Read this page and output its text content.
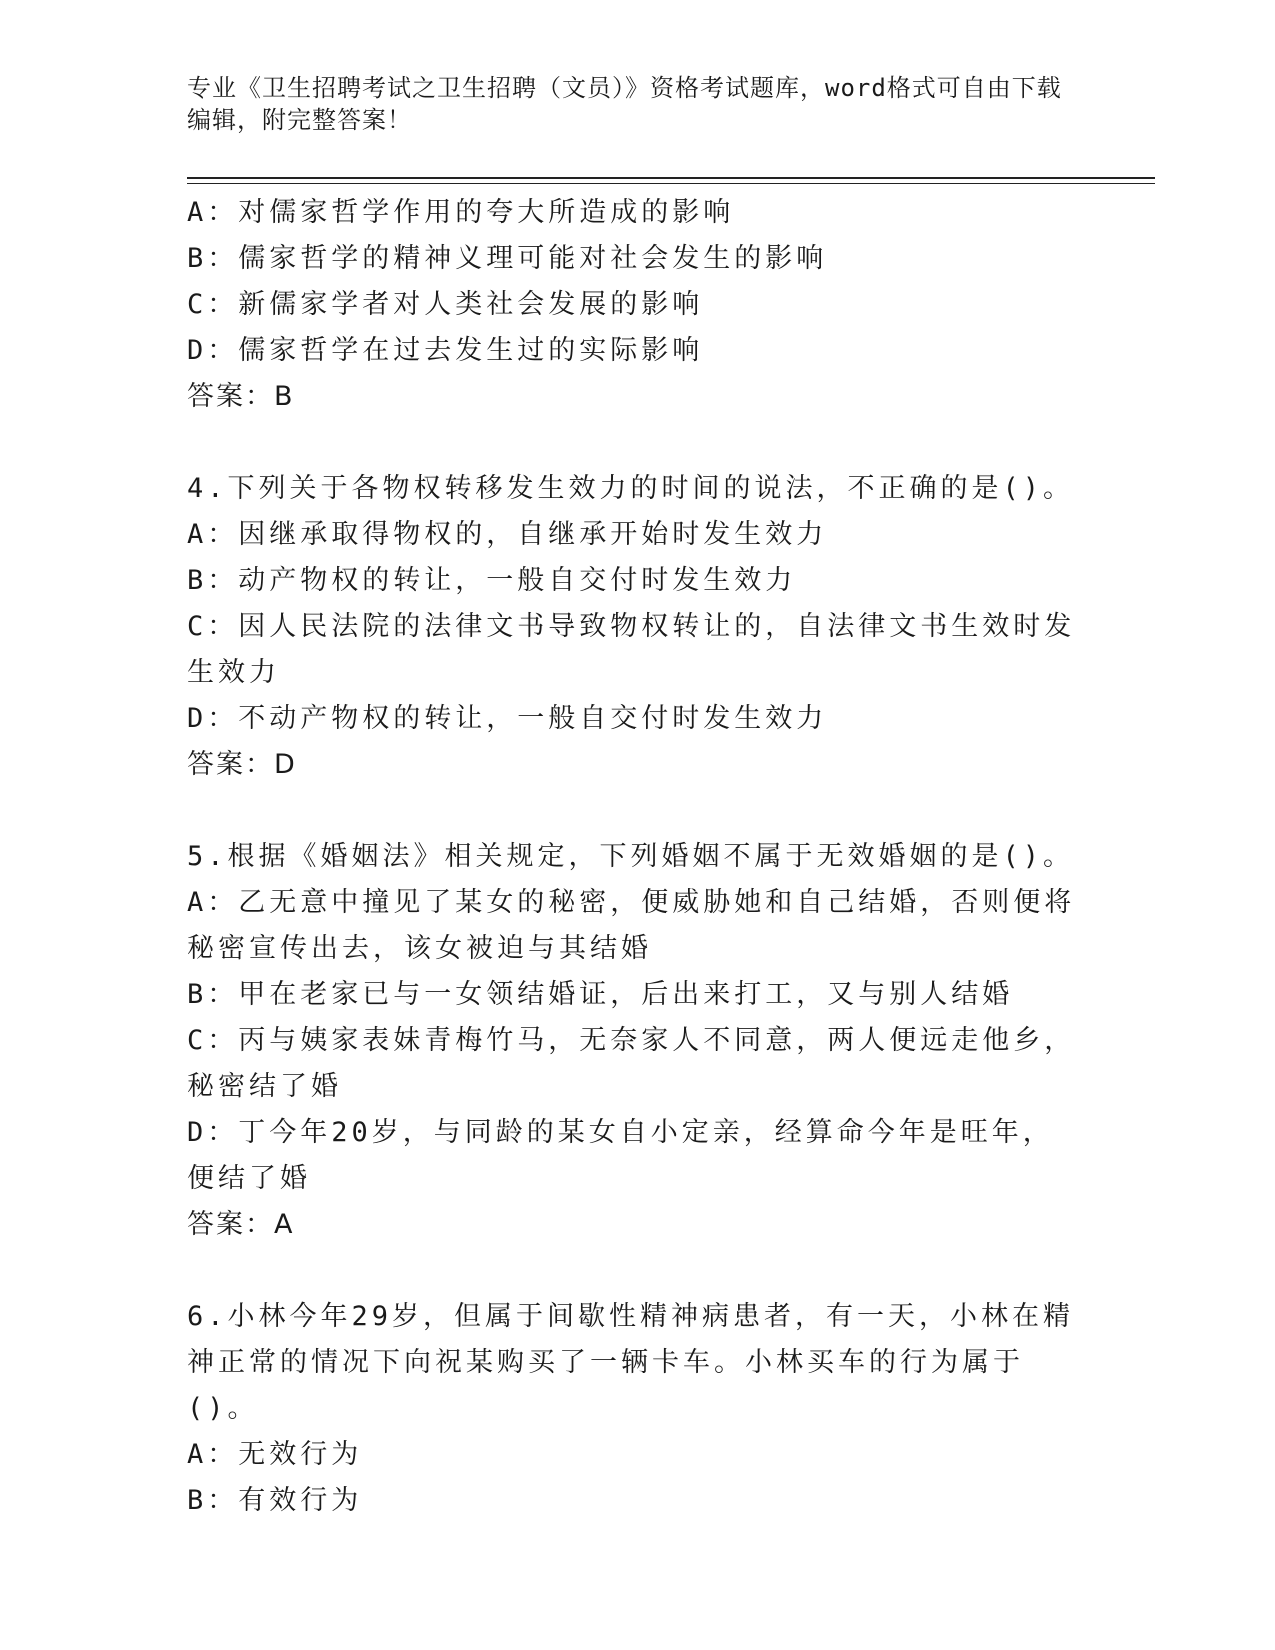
专业《卫生招聘考试之卫生招聘（文员）》资格考试题库，word格式可自由下载
编辑，附完整答案！
A：对儒家哲学作用的夸大所造成的影响
B：儒家哲学的精神义理可能对社会发生的影响
C：新儒家学者对人类社会发展的影响
D：儒家哲学在过去发生过的实际影响
答案：B
4.下列关于各物权转移发生效力的时间的说法，不正确的是()。
A：因继承取得物权的，自继承开始时发生效力
B：动产物权的转让，一般自交付时发生效力
C：因人民法院的法律文书导致物权转让的，自法律文书生效时发生效力
D：不动产物权的转让，一般自交付时发生效力
答案：D
5.根据《婚姻法》相关规定，下列婚姻不属于无效婚姻的是()。
A：乙无意中撞见了某女的秘密，便威胁她和自己结婚，否则便将秘密宣传出去，该女被迫与其结婚
B：甲在老家已与一女领结婚证，后出来打工，又与别人结婚
C：丙与姨家表妹青梅竹马，无奈家人不同意，两人便远走他乡，秘密结了婚
D：丁今年20岁，与同龄的某女自小定亲，经算命今年是旺年，便结了婚
答案：A
6.小林今年29岁，但属于间歇性精神病患者，有一天，小林在精神正常的情况下向祝某购买了一辆卡车。小林买车的行为属于()。
A：无效行为
B：有效行为
